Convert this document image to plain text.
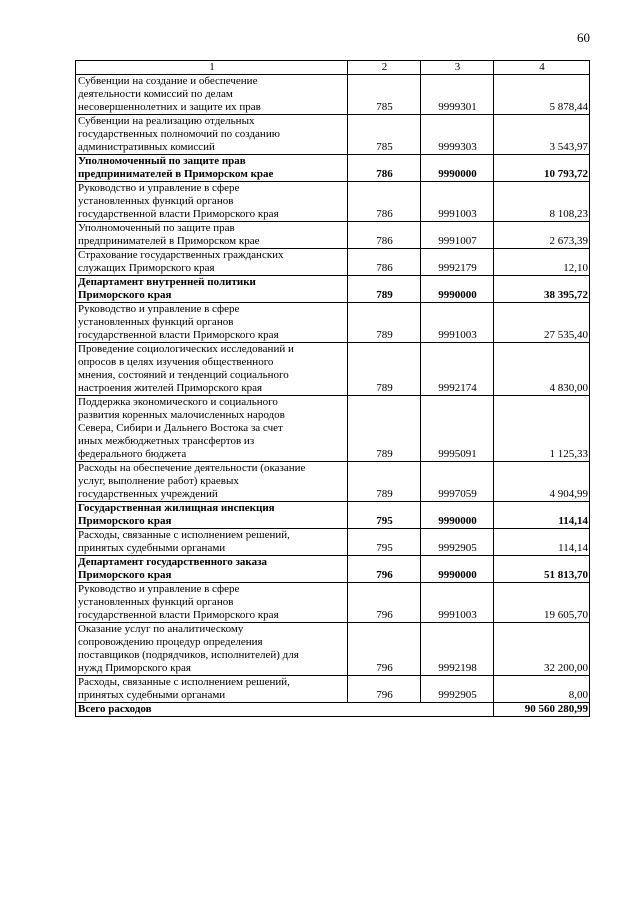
60
1	2	3	4

Субвенции на создание и обеспечение
деятельности комиссий по делам
несовершеннолетних и защите их прав	785	9999301	5 878,44

Субвенции на реализацию отдельных
государственных полномочий по созданию
административных комиссий	785	9999303	3 543,97

Уполномоченный по защите прав
предпринимателей в Приморском крае	786	9990000	10 793,72

Руководство и управление в сфере
установленных функций органов
государственной власти Приморского края	786	9991003	8 108,23

Уполномоченный по защите прав
предпринимателей в Приморском крае	786	9991007	2 673,39

Страхование государственных гражданских
служащих Приморского края	786	9992179	12,10

Департамент внутренней политики
Приморского края	789	9990000	38 395,72

Руководство и управление в сфере
установленных функций органов
государственной власти Приморского края	789	9991003	27 535,40

Проведение социологических исследований и
опросов в целях изучения общественного
мнения, состояний и тенденций социального
настроения жителей Приморского края	789	9992174	4 830,00

Поддержка экономического и социального
развития коренных малочисленных народов
Севера, Сибири и Дальнего Востока за счет
иных межбюджетных трансфертов из
федерального бюджета	789	9995091	1 125,33

Расходы на обеспечение деятельности (оказание
услуг, выполнение работ) краевых
государственных учреждений	789	9997059	4 904,99

Государственная жилищная инспекция
Приморского края	795	9990000	114,14

Расходы, связанные с исполнением решений,
принятых судебными органами	795	9992905	114,14

Департамент государственного заказа
Приморского края	796	9990000	51 813,70

Руководство и управление в сфере
установленных функций органов
государственной власти Приморского края	796	9991003	19 605,70

Оказание услуг по аналитическому
сопровождению процедур определения
поставщиков (подрядчиков, исполнителей) для
нужд Приморского края	796	9992198	32 200,00

Расходы, связанные с исполнением решений,
принятых судебными органами	796	9992905	8,00
Всего расходов			90 560 280,99
